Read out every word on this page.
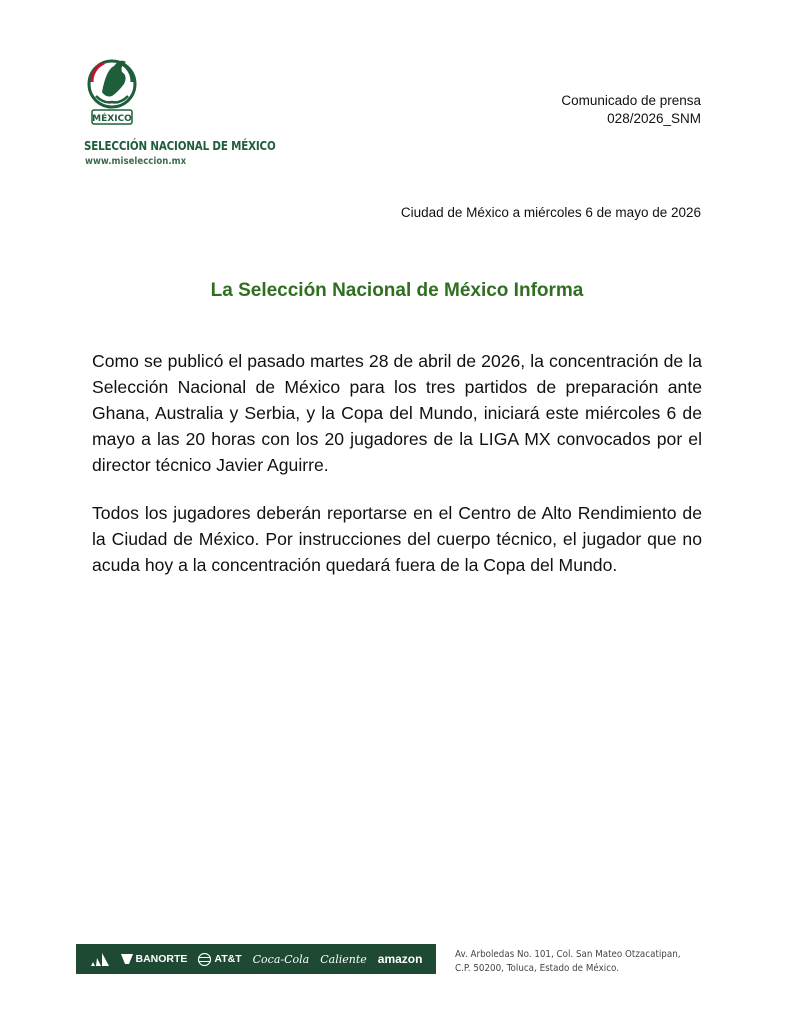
MÉXICO
SELECCIÓN NACIONAL DE MÉXICO
www.miseleccion.mx
Comunicado de prensa
028/2026_SNM
Ciudad de México a miércoles 6 de mayo de 2026
La Selección Nacional de México Informa

Como se publicó el pasado martes 28 de abril de 2026, la concentración de la Selección Nacional de México para los tres partidos de preparación ante Ghana, Australia y Serbia, y la Copa del Mundo, iniciará este miércoles 6 de mayo a las 20 horas con los 20 jugadores de la LIGA MX convocados por el director técnico Javier Aguirre.

Todos los jugadores deberán reportarse en el Centro de Alto Rendimiento de la Ciudad de México. Por instrucciones del cuerpo técnico, el jugador que no acuda hoy a la concentración quedará fuera de la Copa del Mundo.

BANORTE	AT&T Coca-Cola Caliente amazon	Av. Arboledas No. 101, Col. San Mateo Otzacatipan,
C.P. 50200, Toluca, Estado de México.
